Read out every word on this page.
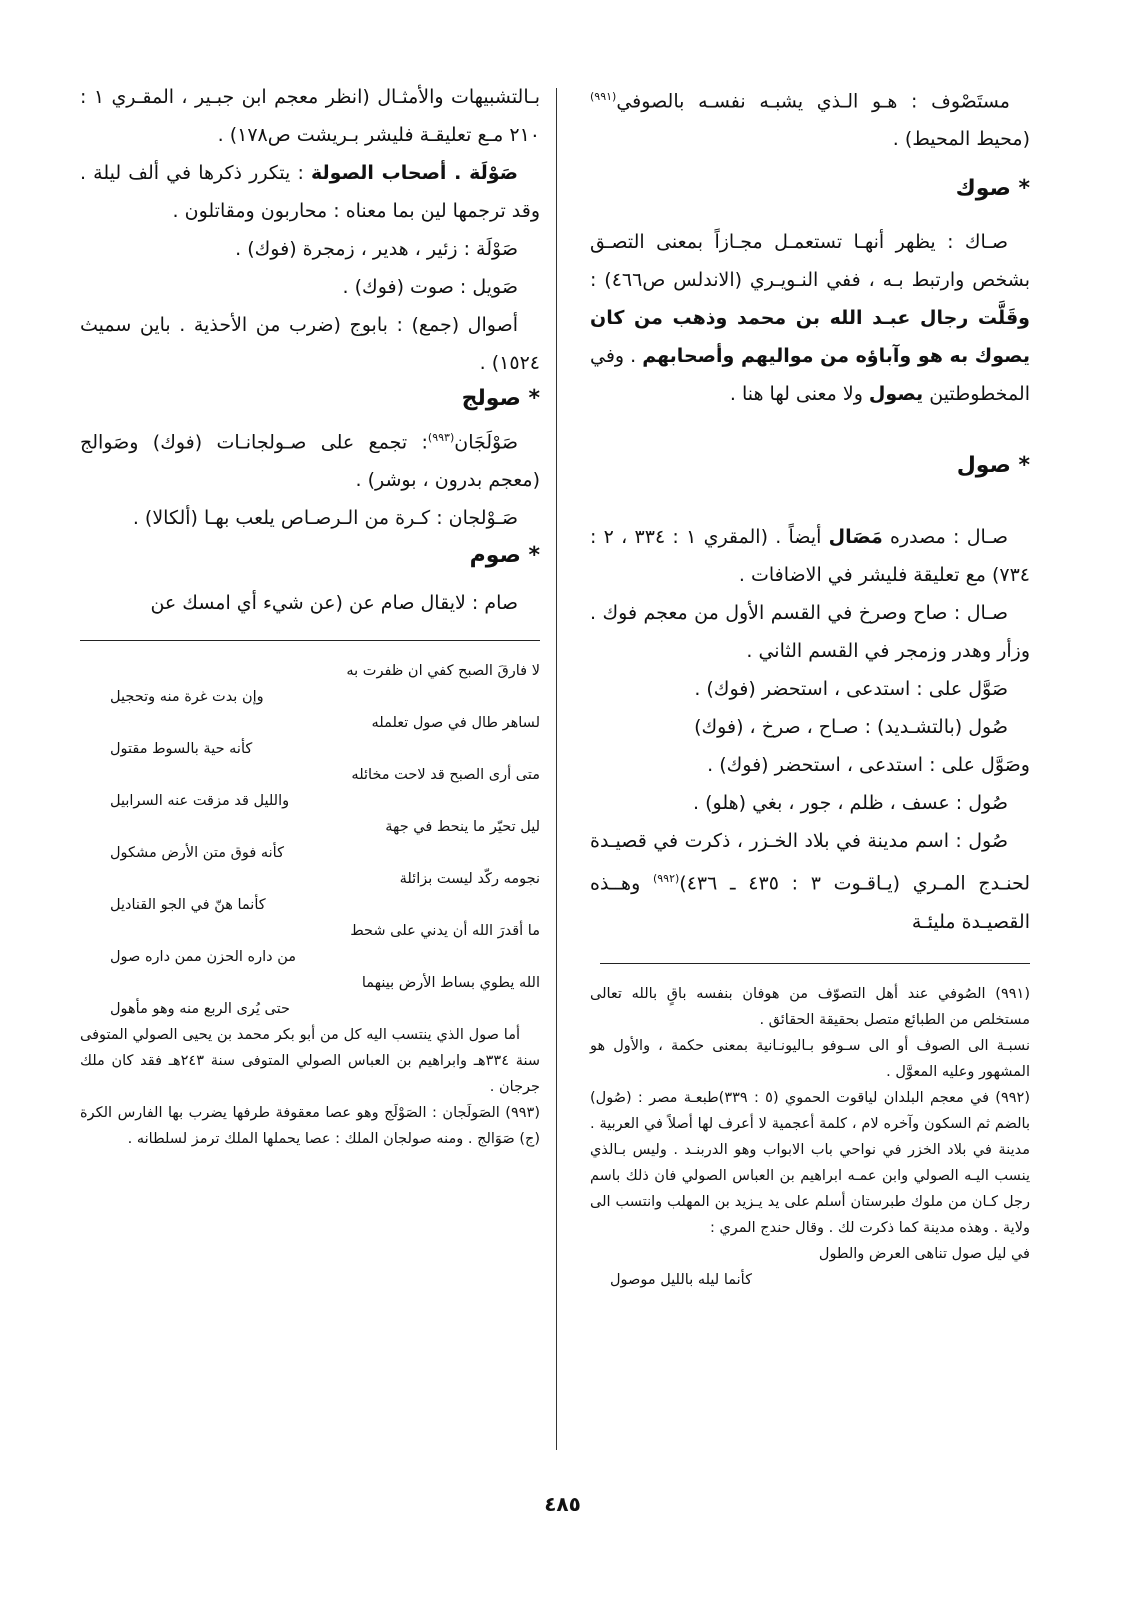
مستَصْوف : هـو الـذي يشبـه نفسـه بالصوفي$^{(٩٩١)}$ (محيط المحيط) .

* صوك

صـاك : يظهر أنهـا تستعمـل مجـازاً بمعنى التصـق بشخص وارتبط بـه ، ففي النـويـري (الاندلس ص٤٦٦) : وقَلَّت رجال عبـد الله بن محمد وذهب من كان يصوك به هو وآباؤه من مواليهم وأصحابهم . وفي المخطوطتين يصول ولا معنى لها هنا .

* صول

صـال : مصدره مَصَال أيضاً . (المقري ١ : ٣٣٤ ، ٢ : ٧٣٤) مع تعليقة فليشر في الاضافات .

صـال : صاح وصرخ في القسم الأول من معجم فوك . وزأر وهدر وزمجر في القسم الثاني .

صَوَّل على : استدعى ، استحضر (فوك) .

صُول (بالتشـديد) : صـاح ، صرخ ، (فوك)

وصَوَّل على : استدعى ، استحضر (فوك) .

صُول : عسف ، ظلم ، جور ، بغي (هلو) .

صُول : اسم مدينة في بلاد الخـزر ، ذكرت في قصيـدة لحنـدج المـري (يـاقـوت ٣ : ٤٣٥ ـ ٤٣٦)$^{(٩٩٢)}$ وهــذه القصيـدة مليئـة

(٩٩١) الصُوفي عند أهل التصوّف من هوفان بنفسه باقٍ بالله تعالى مستخلص من الطبائع متصل بحقيقة الحقائق .

نسبـة الى الصوف أو الى سـوفو بـاليونـانية بمعنى حكمة ، والأول هو المشهور وعليه المعوَّل .

(٩٩٢) في معجم البلدان لياقوت الحموي (٥ : ٣٣٩)طبعـة مصر : (صُول) بالضم ثم السكون وآخره لام ، كلمة أعجمية لا أعرف لها أصلاً في العربية . مدينة في بلاد الخزر في نواحي باب الابواب وهو الدربنـد . وليس بـالذي ينسب اليـه الصولي وابن عمـه ابراهيم بن العباس الصولي فان ذلك باسم رجل كـان من ملوك طبرستان أسلم على يد يـزيد بن المهلب وانتسب الى ولاية . وهذه مدينة كما ذكرت لك . وقال حندج المري :

في ليل صول تناهى العرض والطول

كأنما ليله بالليل موصول

بـالتشبيهات والأمثـال (انظر معجم ابن جبـير ، المقـري ١ : ٢١٠ مـع تعليقـة فليشر بـريشت ص١٧٨) .

صَوْلَة . أصحاب الصولة : يتكرر ذكرها في ألف ليلة . وقد ترجمها لين بما معناه : محاربون ومقاتلون .

صَوْلَة : زئير ، هدير ، زمجرة (فوك) .

صَويل : صوت (فوك) .

أصوال (جمع) : بابوج (ضرب من الأحذية . باين سميث ١٥٢٤) .

* صولج

صَوْلَجَان$^{(٩٩٣)}$: تجمع على صـولجانـات (فوك) وصَوالج (معجم بدرون ، بوشر) .

صَـوْلجان : كـرة من الـرصـاص يلعب بهـا (ألكالا) .

* صوم

صام : لايقال صام عن (عن شيء أي امسك عن

لا فارقَ الصبح كفي ان ظفرت به

وإن بدت غرة منه وتحجيل

لساهر طال في صول تعلمله

كأنه حية بالسوط مقتول

متى أرى الصبح قد لاحت مخائله

والليل قد مزقت عنه السرابيل

ليل تحيّر ما ينحط في جهة

كأنه فوق متن الأرض مشكول

نجومه ركّد ليست بزائلة

كأنما هنّ في الجو القناديل

ما أقدرَ الله أن يدني على شحط

من داره الحزن ممن داره صول

الله يطوي بساط الأرض بينهما

حتى يُرى الربع منه وهو مأهول

أما صول الذي ينتسب اليه كل من أبو بكر محمد بن يحيى الصولي المتوفى سنة ٣٣٤هـ وابراهيم بن العباس الصولي المتوفى سنة ٢٤٣هـ فقد كان ملك جرجان .

(٩٩٣) الصَولَجان : الصَوْلَج وهو عصا معقوفة طرفها يضرب بها الفارس الكرة (ج) صَوَالج . ومنه صولجان الملك : عصا يحملها الملك ترمز لسلطانه .

٤٨٥
